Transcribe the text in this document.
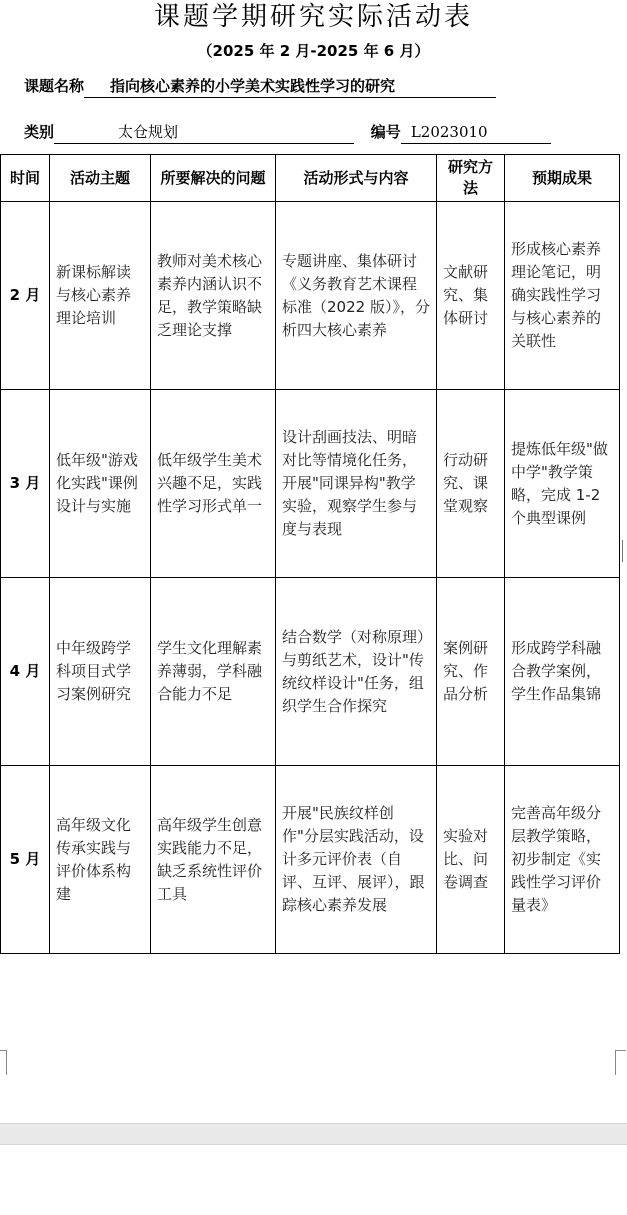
课题学期研究实际活动表
（2025 年 2 月-2025 年 6 月）
课题名称 指向核心素养的小学美术实践性学习的研究
类别	太仓规划	编号 L2023010
时间	活动主题	所要解决的问题	活动形式与内容	研究方法	预期成果
2 月	新课标解读与核心素养理论培训	教师对美术核心素养内涵认识不足，教学策略缺乏理论支撑	专题讲座、集体研讨《义务教育艺术课程标准（2022 版）》，分析四大核心素养	文献研究、集体研讨	形成核心素养理论笔记，明确实践性学习与核心素养的关联性
3 月	低年级"游戏化实践"课例设计与实施	低年级学生美术兴趣不足，实践性学习形式单一	设计刮画技法、明暗对比等情境化任务，开展"同课异构"教学实验，观察学生参与度与表现	行动研究、课堂观察	提炼低年级"做中学"教学策略，完成 1-2 个典型课例
4 月	中年级跨学科项目式学习案例研究	学生文化理解素养薄弱，学科融合能力不足	结合数学（对称原理）与剪纸艺术，设计"传统纹样设计"任务，组织学生合作探究	案例研究、作品分析	形成跨学科融合教学案例，学生作品集锦
5 月	高年级文化传承实践与评价体系构建	高年级学生创意实践能力不足，缺乏系统性评价工具	开展"民族纹样创作"分层实践活动，设计多元评价表（自评、互评、展评），跟踪核心素养发展	实验对比、问卷调查	完善高年级分层教学策略，初步制定《实践性学习评价量表》
